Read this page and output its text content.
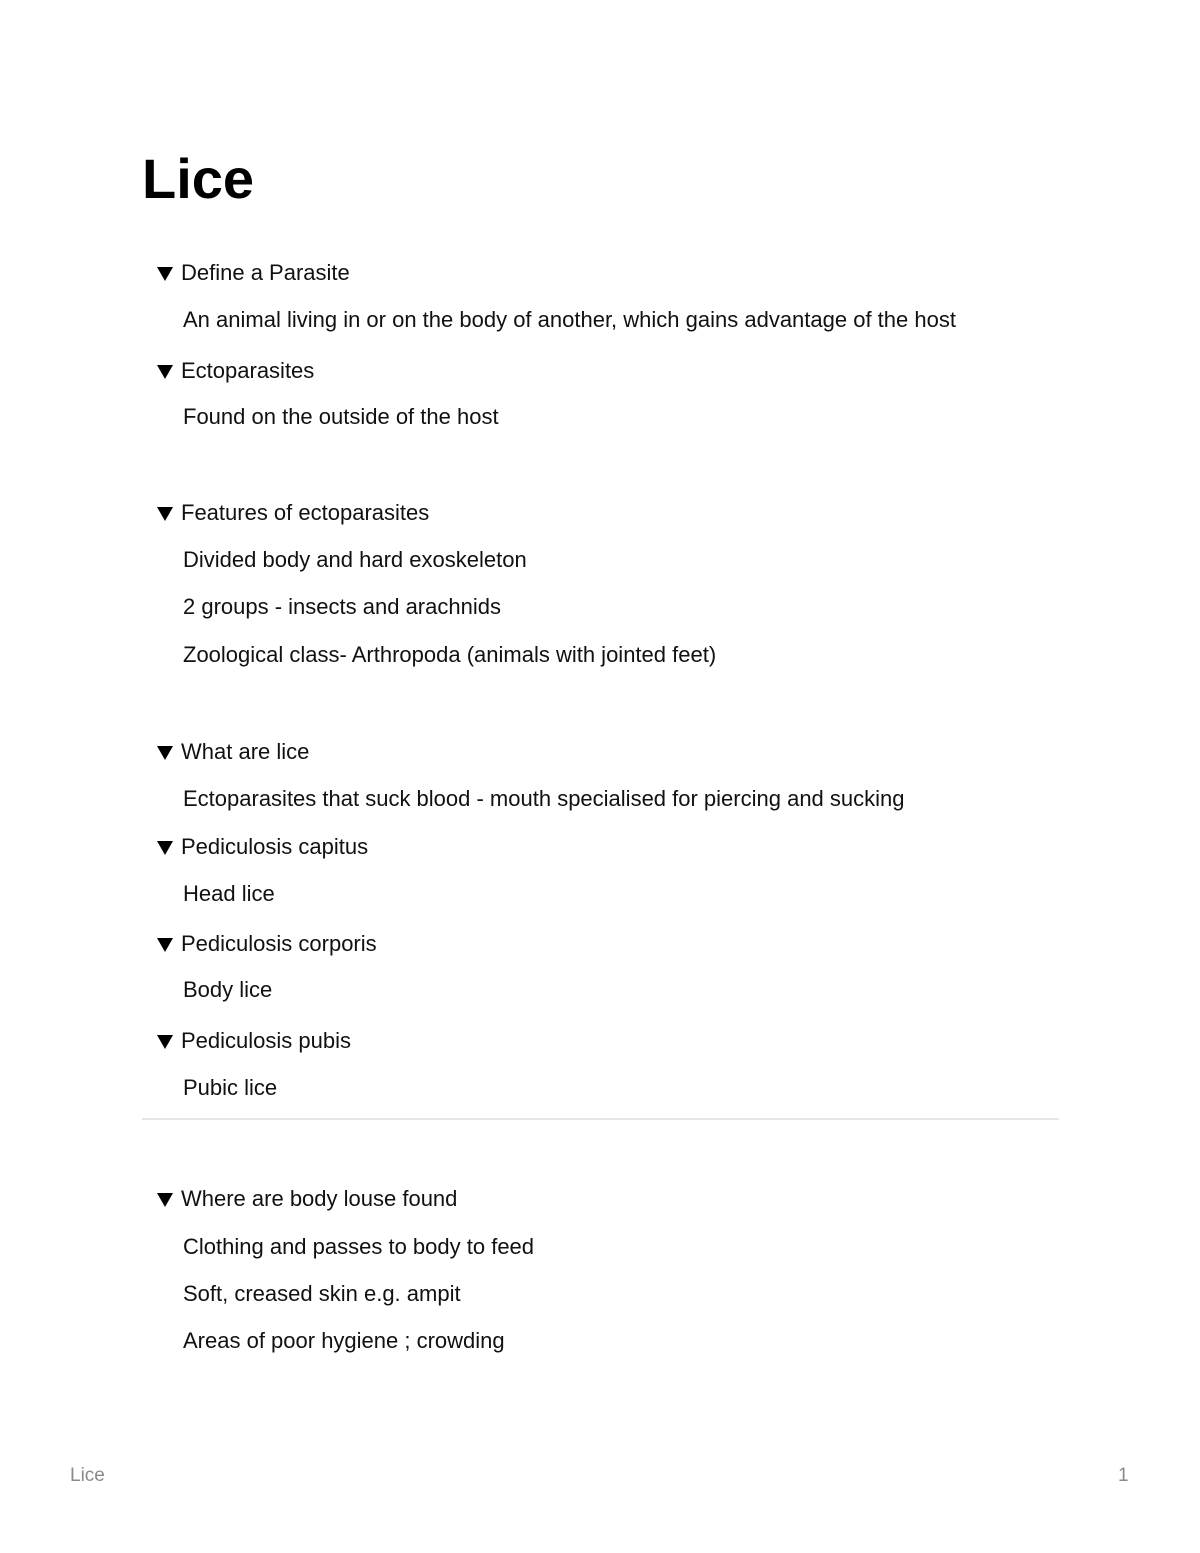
Lice
Define a Parasite
An animal living in or on the body of another, which gains advantage of the host
Ectoparasites
Found on the outside of the host
Features of ectoparasites
Divided body and hard exoskeleton
2 groups - insects and arachnids
Zoological class- Arthropoda (animals with jointed feet)
What are lice
Ectoparasites that suck blood - mouth specialised for piercing and sucking
Pediculosis capitus
Head lice
Pediculosis corporis
Body lice
Pediculosis pubis
Pubic lice
Where are body louse found
Clothing and passes to body to feed
Soft, creased skin e.g. ampit
Areas of poor hygiene ; crowding
Lice	1
